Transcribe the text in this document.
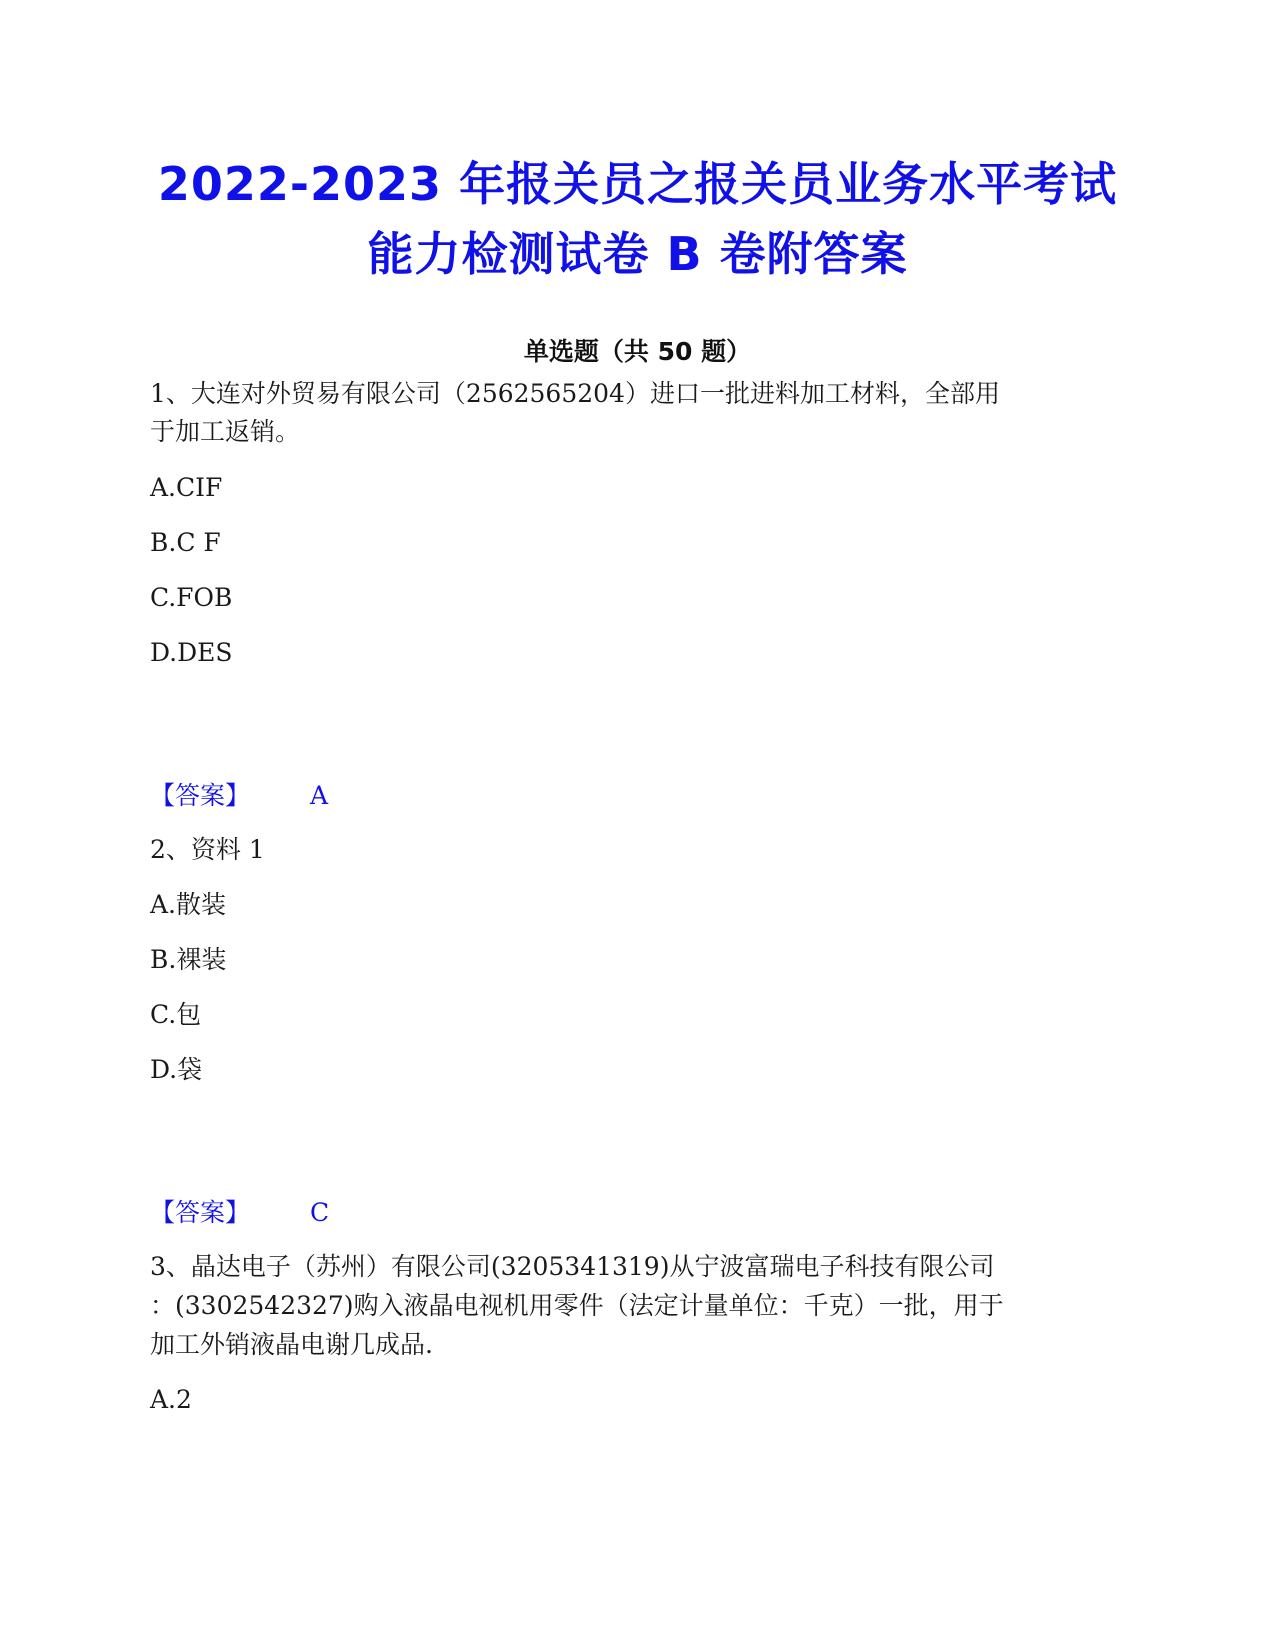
2022-2023 年报关员之报关员业务水平考试
能力检测试卷 B 卷附答案
单选题（共 50 题）
1、大连对外贸易有限公司（2562565204）进口一批进料加工材料，全部用
于加工返销。
A.CIF
B.C F
C.FOB
D.DES
【答案】 A
2、资料 1
A.散装
B.裸装
C.包
D.袋
【答案】 C
3、晶达电子（苏州）有限公司(3205341319)从宁波富瑞电子科技有限公司
：(3302542327)购入液晶电视机用零件（法定计量单位：千克）一批，用于
加工外销液晶电谢几成品.
A.2
